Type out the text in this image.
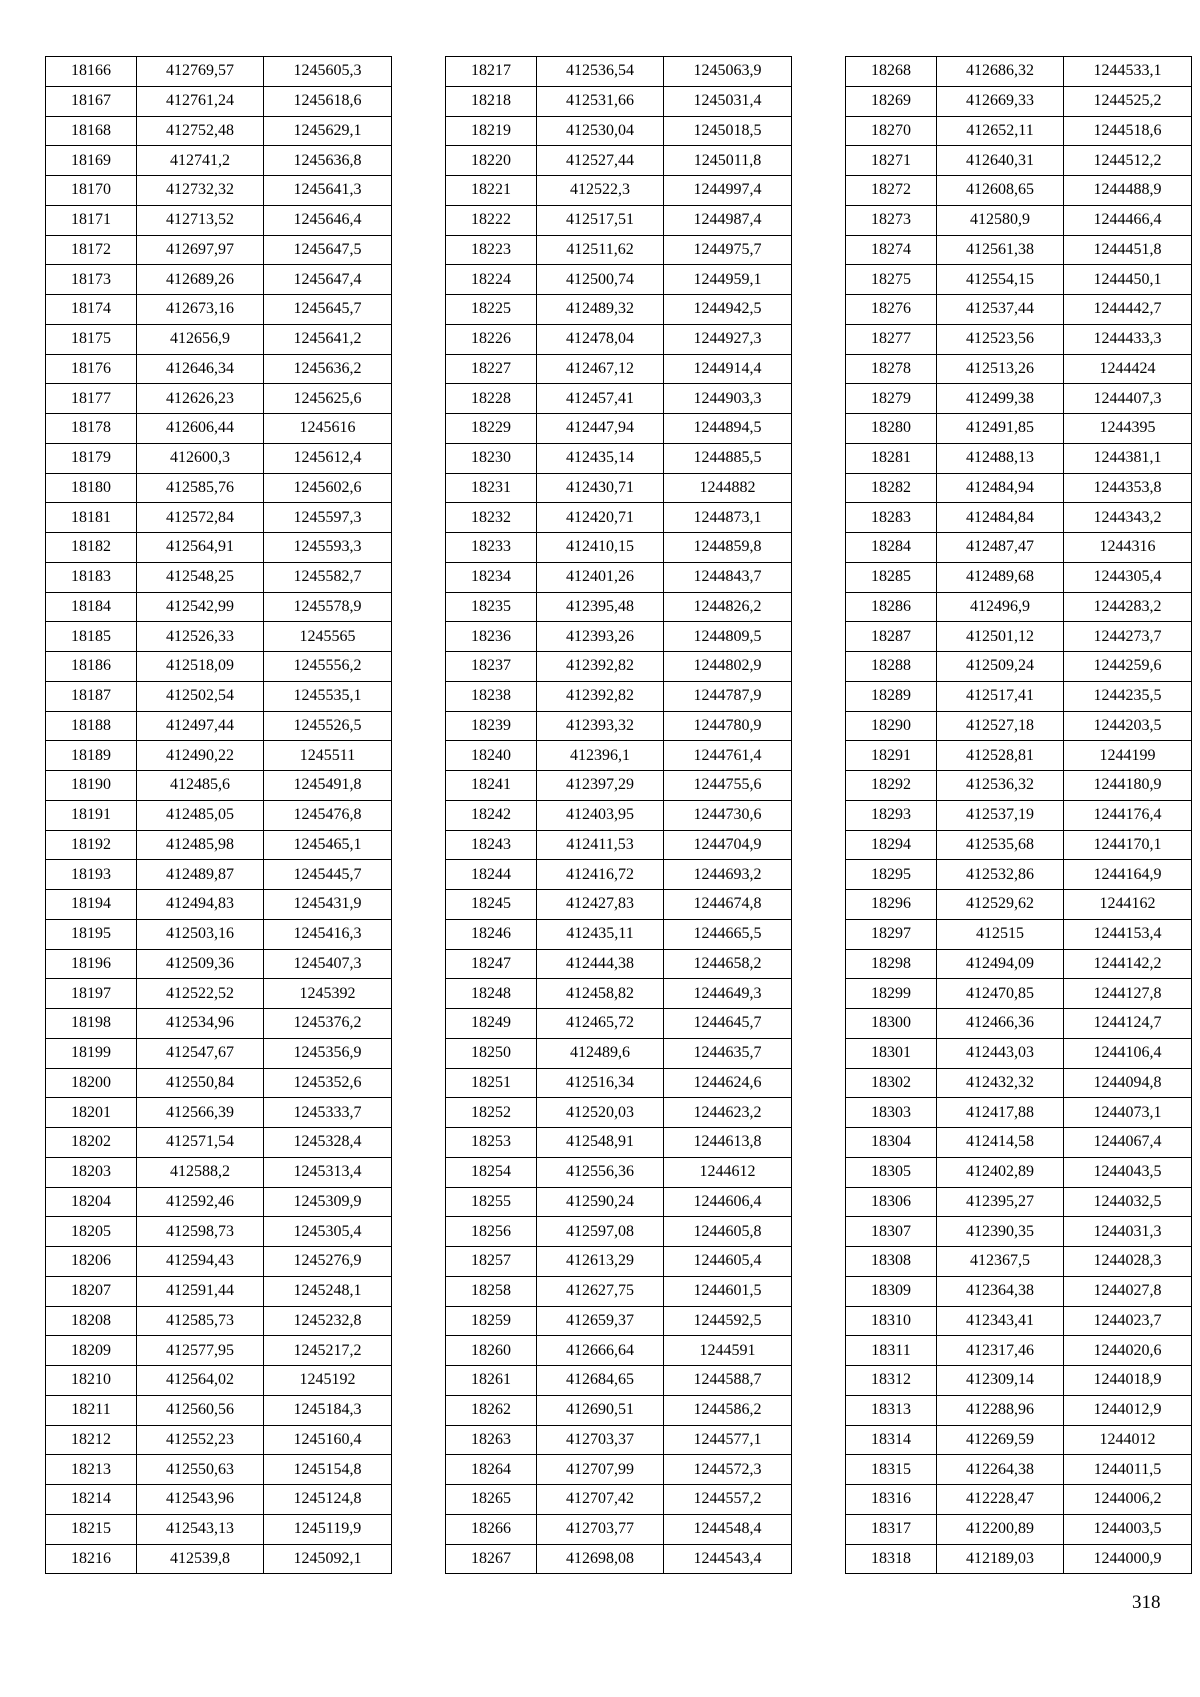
18166	412769,57	1245605,3
18167	412761,24	1245618,6
18168	412752,48	1245629,1
18169	412741,2	1245636,8
18170	412732,32	1245641,3
18171	412713,52	1245646,4
18172	412697,97	1245647,5
18173	412689,26	1245647,4
18174	412673,16	1245645,7
18175	412656,9	1245641,2
18176	412646,34	1245636,2
18177	412626,23	1245625,6
18178	412606,44	1245616
18179	412600,3	1245612,4
18180	412585,76	1245602,6
18181	412572,84	1245597,3
18182	412564,91	1245593,3
18183	412548,25	1245582,7
18184	412542,99	1245578,9
18185	412526,33	1245565
18186	412518,09	1245556,2
18187	412502,54	1245535,1
18188	412497,44	1245526,5
18189	412490,22	1245511
18190	412485,6	1245491,8
18191	412485,05	1245476,8
18192	412485,98	1245465,1
18193	412489,87	1245445,7
18194	412494,83	1245431,9
18195	412503,16	1245416,3
18196	412509,36	1245407,3
18197	412522,52	1245392
18198	412534,96	1245376,2
18199	412547,67	1245356,9
18200	412550,84	1245352,6
18201	412566,39	1245333,7
18202	412571,54	1245328,4
18203	412588,2	1245313,4
18204	412592,46	1245309,9
18205	412598,73	1245305,4
18206	412594,43	1245276,9
18207	412591,44	1245248,1
18208	412585,73	1245232,8
18209	412577,95	1245217,2
18210	412564,02	1245192
18211	412560,56	1245184,3
18212	412552,23	1245160,4
18213	412550,63	1245154,8
18214	412543,96	1245124,8
18215	412543,13	1245119,9
18216	412539,8	1245092,1
18217	412536,54	1245063,9
18218	412531,66	1245031,4
18219	412530,04	1245018,5
18220	412527,44	1245011,8
18221	412522,3	1244997,4
18222	412517,51	1244987,4
18223	412511,62	1244975,7
18224	412500,74	1244959,1
18225	412489,32	1244942,5
18226	412478,04	1244927,3
18227	412467,12	1244914,4
18228	412457,41	1244903,3
18229	412447,94	1244894,5
18230	412435,14	1244885,5
18231	412430,71	1244882
18232	412420,71	1244873,1
18233	412410,15	1244859,8
18234	412401,26	1244843,7
18235	412395,48	1244826,2
18236	412393,26	1244809,5
18237	412392,82	1244802,9
18238	412392,82	1244787,9
18239	412393,32	1244780,9
18240	412396,1	1244761,4
18241	412397,29	1244755,6
18242	412403,95	1244730,6
18243	412411,53	1244704,9
18244	412416,72	1244693,2
18245	412427,83	1244674,8
18246	412435,11	1244665,5
18247	412444,38	1244658,2
18248	412458,82	1244649,3
18249	412465,72	1244645,7
18250	412489,6	1244635,7
18251	412516,34	1244624,6
18252	412520,03	1244623,2
18253	412548,91	1244613,8
18254	412556,36	1244612
18255	412590,24	1244606,4
18256	412597,08	1244605,8
18257	412613,29	1244605,4
18258	412627,75	1244601,5
18259	412659,37	1244592,5
18260	412666,64	1244591
18261	412684,65	1244588,7
18262	412690,51	1244586,2
18263	412703,37	1244577,1
18264	412707,99	1244572,3
18265	412707,42	1244557,2
18266	412703,77	1244548,4
18267	412698,08	1244543,4
18268	412686,32	1244533,1
18269	412669,33	1244525,2
18270	412652,11	1244518,6
18271	412640,31	1244512,2
18272	412608,65	1244488,9
18273	412580,9	1244466,4
18274	412561,38	1244451,8
18275	412554,15	1244450,1
18276	412537,44	1244442,7
18277	412523,56	1244433,3
18278	412513,26	1244424
18279	412499,38	1244407,3
18280	412491,85	1244395
18281	412488,13	1244381,1
18282	412484,94	1244353,8
18283	412484,84	1244343,2
18284	412487,47	1244316
18285	412489,68	1244305,4
18286	412496,9	1244283,2
18287	412501,12	1244273,7
18288	412509,24	1244259,6
18289	412517,41	1244235,5
18290	412527,18	1244203,5
18291	412528,81	1244199
18292	412536,32	1244180,9
18293	412537,19	1244176,4
18294	412535,68	1244170,1
18295	412532,86	1244164,9
18296	412529,62	1244162
18297	412515	1244153,4
18298	412494,09	1244142,2
18299	412470,85	1244127,8
18300	412466,36	1244124,7
18301	412443,03	1244106,4
18302	412432,32	1244094,8
18303	412417,88	1244073,1
18304	412414,58	1244067,4
18305	412402,89	1244043,5
18306	412395,27	1244032,5
18307	412390,35	1244031,3
18308	412367,5	1244028,3
18309	412364,38	1244027,8
18310	412343,41	1244023,7
18311	412317,46	1244020,6
18312	412309,14	1244018,9
18313	412288,96	1244012,9
18314	412269,59	1244012
18315	412264,38	1244011,5
18316	412228,47	1244006,2
18317	412200,89	1244003,5
18318	412189,03	1244000,9
318
